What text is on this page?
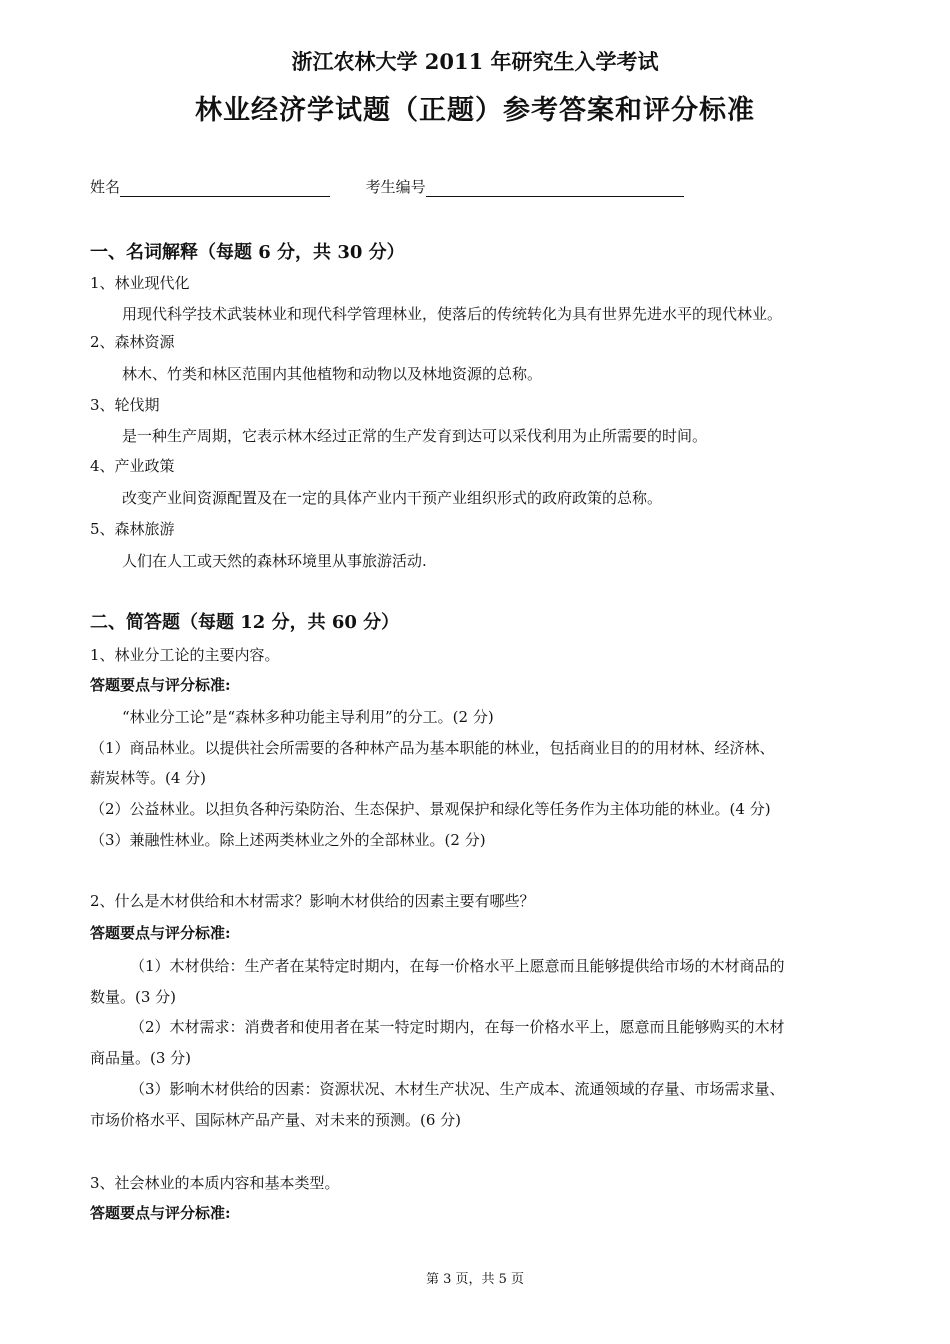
浙江农林大学 2011 年研究生入学考试
林业经济学试题（正题）参考答案和评分标准
姓名	考生编号
一、名词解释（每题 6 分，共 30 分）
1、林业现代化
用现代科学技术武装林业和现代科学管理林业，使落后的传统转化为具有世界先进水平的现代林业。
2、森林资源
林木、竹类和林区范围内其他植物和动物以及林地资源的总称。
3、轮伐期
是一种生产周期，它表示林木经过正常的生产发育到达可以采伐利用为止所需要的时间。
4、产业政策
改变产业间资源配置及在一定的具体产业内干预产业组织形式的政府政策的总称。
5、森林旅游
人们在人工或天然的森林环境里从事旅游活动.
二、简答题（每题 12 分，共 60 分）
1、林业分工论的主要内容。
答题要点与评分标准:
“林业分工论”是“森林多种功能主导利用”的分工。(2 分)
（1）商品林业。以提供社会所需要的各种林产品为基本职能的林业，包括商业目的的用材林、经济林、
薪炭林等。(4 分)
（2）公益林业。以担负各种污染防治、生态保护、景观保护和绿化等任务作为主体功能的林业。(4 分)
（3）兼融性林业。除上述两类林业之外的全部林业。(2 分)
2、什么是木材供给和木材需求？影响木材供给的因素主要有哪些？
答题要点与评分标准:
（1）木材供给：生产者在某特定时期内，在每一价格水平上愿意而且能够提供给市场的木材商品的
数量。(3 分)
（2）木材需求：消费者和使用者在某一特定时期内，在每一价格水平上，愿意而且能够购买的木材
商品量。(3 分)
（3）影响木材供给的因素：资源状况、木材生产状况、生产成本、流通领域的存量、市场需求量、
市场价格水平、国际林产品产量、对未来的预测。(6 分)
3、社会林业的本质内容和基本类型。
答题要点与评分标准:
第 3 页，共 5 页
